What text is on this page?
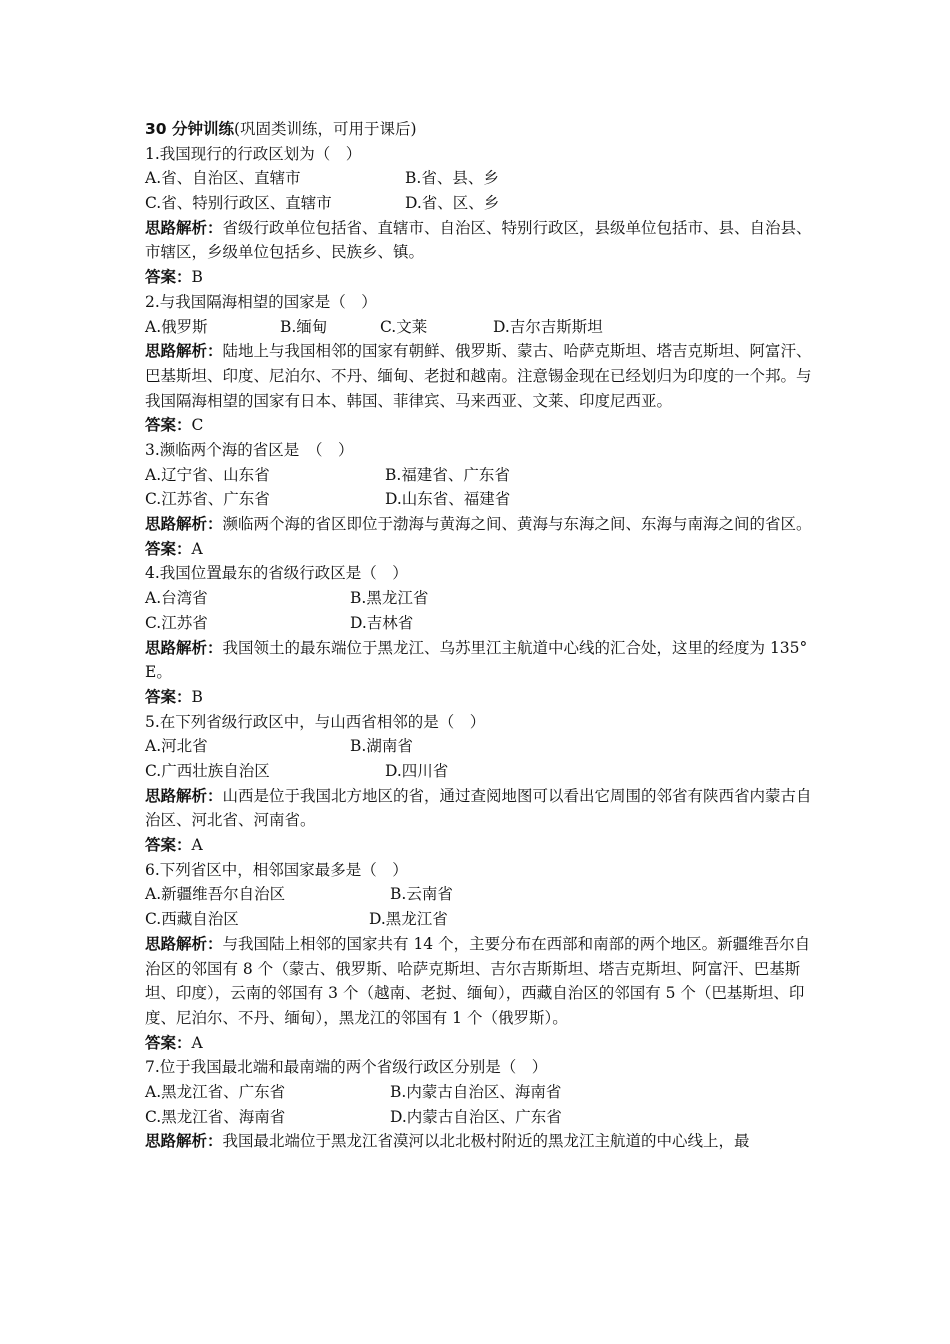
30 分钟训练(巩固类训练，可用于课后)
1.我国现行的行政区划为（　）
A.省、自治区、直辖市	B.省、县、乡
C.省、特别行政区、直辖市	D.省、区、乡
思路解析：省级行政单位包括省、直辖市、自治区、特别行政区，县级单位包括市、县、自治县、市辖区，乡级单位包括乡、民族乡、镇。
答案：B
2.与我国隔海相望的国家是（　）
A.俄罗斯	B.缅甸	C.文莱	D.吉尔吉斯斯坦
思路解析：陆地上与我国相邻的国家有朝鲜、俄罗斯、蒙古、哈萨克斯坦、塔吉克斯坦、阿富汗、巴基斯坦、印度、尼泊尔、不丹、缅甸、老挝和越南。注意锡金现在已经划归为印度的一个邦。与我国隔海相望的国家有日本、韩国、菲律宾、马来西亚、文莱、印度尼西亚。
答案：C
3.濒临两个海的省区是　（　）
A.辽宁省、山东省	B.福建省、广东省
C.江苏省、广东省	D.山东省、福建省
思路解析：濒临两个海的省区即位于渤海与黄海之间、黄海与东海之间、东海与南海之间的省区。
答案：A
4.我国位置最东的省级行政区是（　）
A.台湾省	B.黑龙江省
C.江苏省	D.吉林省
思路解析：我国领土的最东端位于黑龙江、乌苏里江主航道中心线的汇合处，这里的经度为 135° E。
答案：B
5.在下列省级行政区中，与山西省相邻的是（　）
A.河北省	B.湖南省
C.广西壮族自治区	D.四川省
思路解析：山西是位于我国北方地区的省，通过查阅地图可以看出它周围的邻省有陕西省内蒙古自治区、河北省、河南省。
答案：A
6.下列省区中，相邻国家最多是（　）
A.新疆维吾尔自治区	B.云南省
C.西藏自治区	D.黑龙江省
思路解析：与我国陆上相邻的国家共有 14 个，主要分布在西部和南部的两个地区。新疆维吾尔自治区的邻国有 8 个（蒙古、俄罗斯、哈萨克斯坦、吉尔吉斯斯坦、塔吉克斯坦、阿富汗、巴基斯坦、印度），云南的邻国有 3 个（越南、老挝、缅甸），西藏自治区的邻国有 5 个（巴基斯坦、印度、尼泊尔、不丹、缅甸），黑龙江的邻国有 1 个（俄罗斯）。
答案：A
7.位于我国最北端和最南端的两个省级行政区分别是（　）
A.黑龙江省、广东省	B.内蒙古自治区、海南省
C.黑龙江省、海南省	D.内蒙古自治区、广东省
思路解析：我国最北端位于黑龙江省漠河以北北极村附近的黑龙江主航道的中心线上，最
